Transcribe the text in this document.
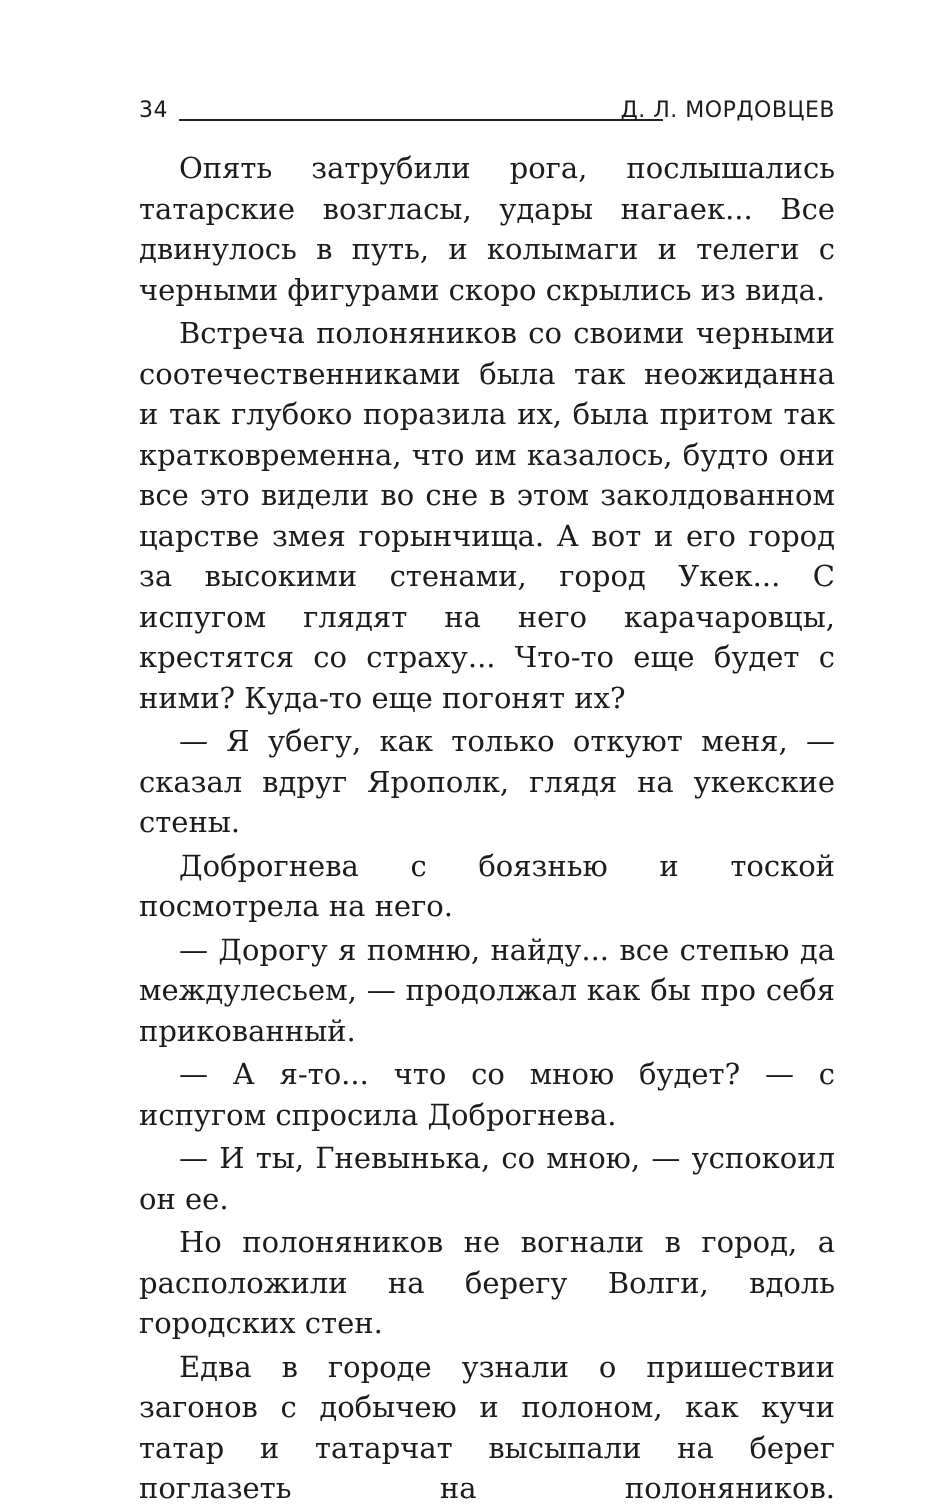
34	Д. Л. МОРДОВЦЕВ

Опять затрубили рога, послышались татарские возгласы, удары нагаек... Все двинулось в путь, и колымаги и телеги с черными фигурами скоро скрылись из вида.

Встреча полоняников со своими черными соотечественниками была так неожиданна и так глубоко поразила их, была притом так кратковременна, что им казалось, будто они все это видели во сне в этом заколдованном царстве змея горынчища. А вот и его город за высокими стенами, город Укек... С испугом глядят на него карачаровцы, крестятся со страху... Что-то еще будет с ними? Куда-то еще погонят их?

— Я убегу, как только откуют меня, — сказал вдруг Ярополк, глядя на укекские стены.

Доброгнева с боязнью и тоской посмотрела на него.

— Дорогу я помню, найду... все степью да междулесьем, — продолжал как бы про себя прикованный.

— А я-то... что со мною будет? — с испугом спросила Доброгнева.

— И ты, Гневынька, со мною, — успокоил он ее.

Но полоняников не вогнали в город, а расположили на берегу Волги, вдоль городских стен.

Едва в городе узнали о пришествии загонов с добычею и полоном, как кучи татар и татарчат высыпали на берег поглазеть на полоняников.
